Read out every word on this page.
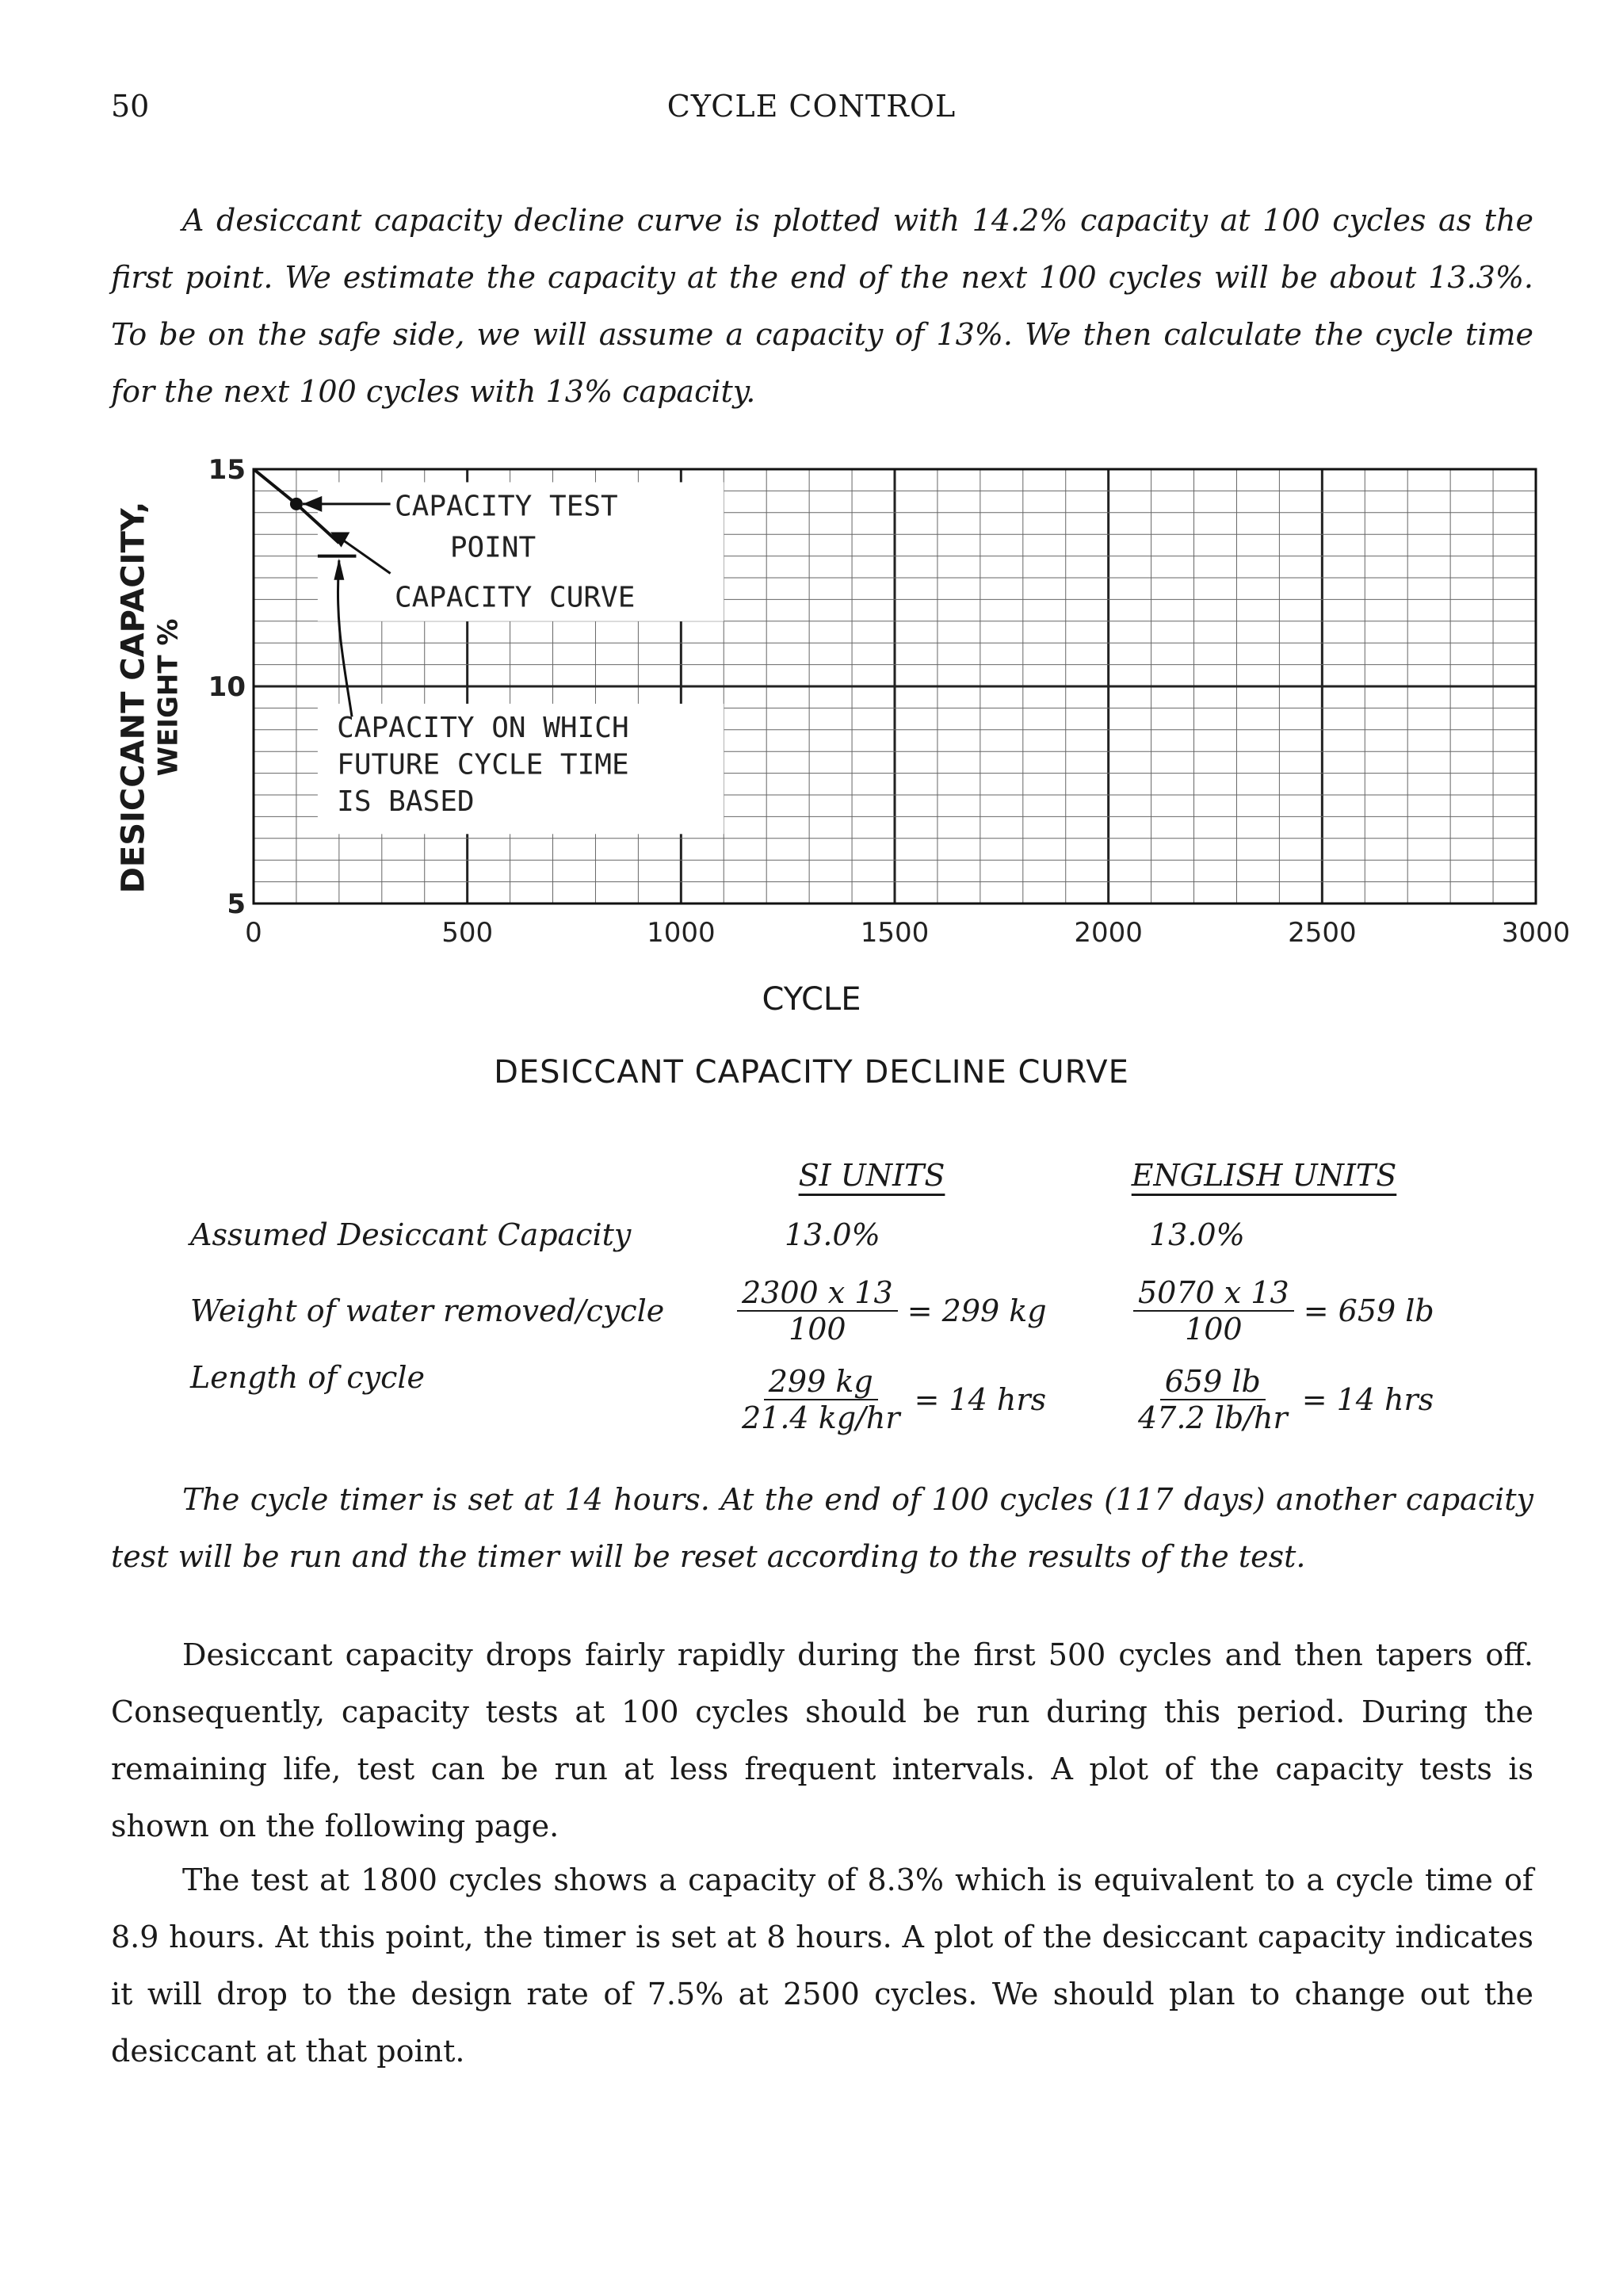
50	CYCLE CONTROL

A desiccant capacity decline curve is plotted with 14.2% capacity at 100 cycles as the first point. We estimate the capacity at the end of the next 100 cycles will be about 13.3%. To be on the safe side, we will assume a capacity of 13%. We then calculate the cycle time for the next 100 cycles with 13% capacity.

DESICCANT CAPACITY, WEIGHT %
0	500	1000	1500	2000	2500	3000
5
10
15
CAPACITY TEST
POINT
CAPACITY CURVE
CAPACITY ON WHICH
FUTURE CYCLE TIME
IS BASED
CYCLE
DESICCANT CAPACITY DECLINE CURVE

	SI UNITS	ENGLISH UNITS

Assumed Desiccant Capacity	13.0%	13.0%
Weight of water removed/cycle	$\frac{2300 x 13}{100} = 299$ kg	$\frac{5070 x 13}{100} = 659$ lb
Length of cycle	$\frac{299 kg}{21.4 kg/hr} = 14$ hrs	$\frac{659 lb}{47.2 lb/hr} = 14$ hrs

The cycle timer is set at 14 hours. At the end of 100 cycles (117 days) another capacity test will be run and the timer will be reset according to the results of the test.

Desiccant capacity drops fairly rapidly during the first 500 cycles and then tapers off. Consequently, capacity tests at 100 cycles should be run during this period. During the remaining life, test can be run at less frequent intervals. A plot of the capacity tests is shown on the following page.

The test at 1800 cycles shows a capacity of 8.3% which is equivalent to a cycle time of 8.9 hours. At this point, the timer is set at 8 hours. A plot of the desiccant capacity indicates it will drop to the design rate of 7.5% at 2500 cycles. We should plan to change out the desiccant at that point.
